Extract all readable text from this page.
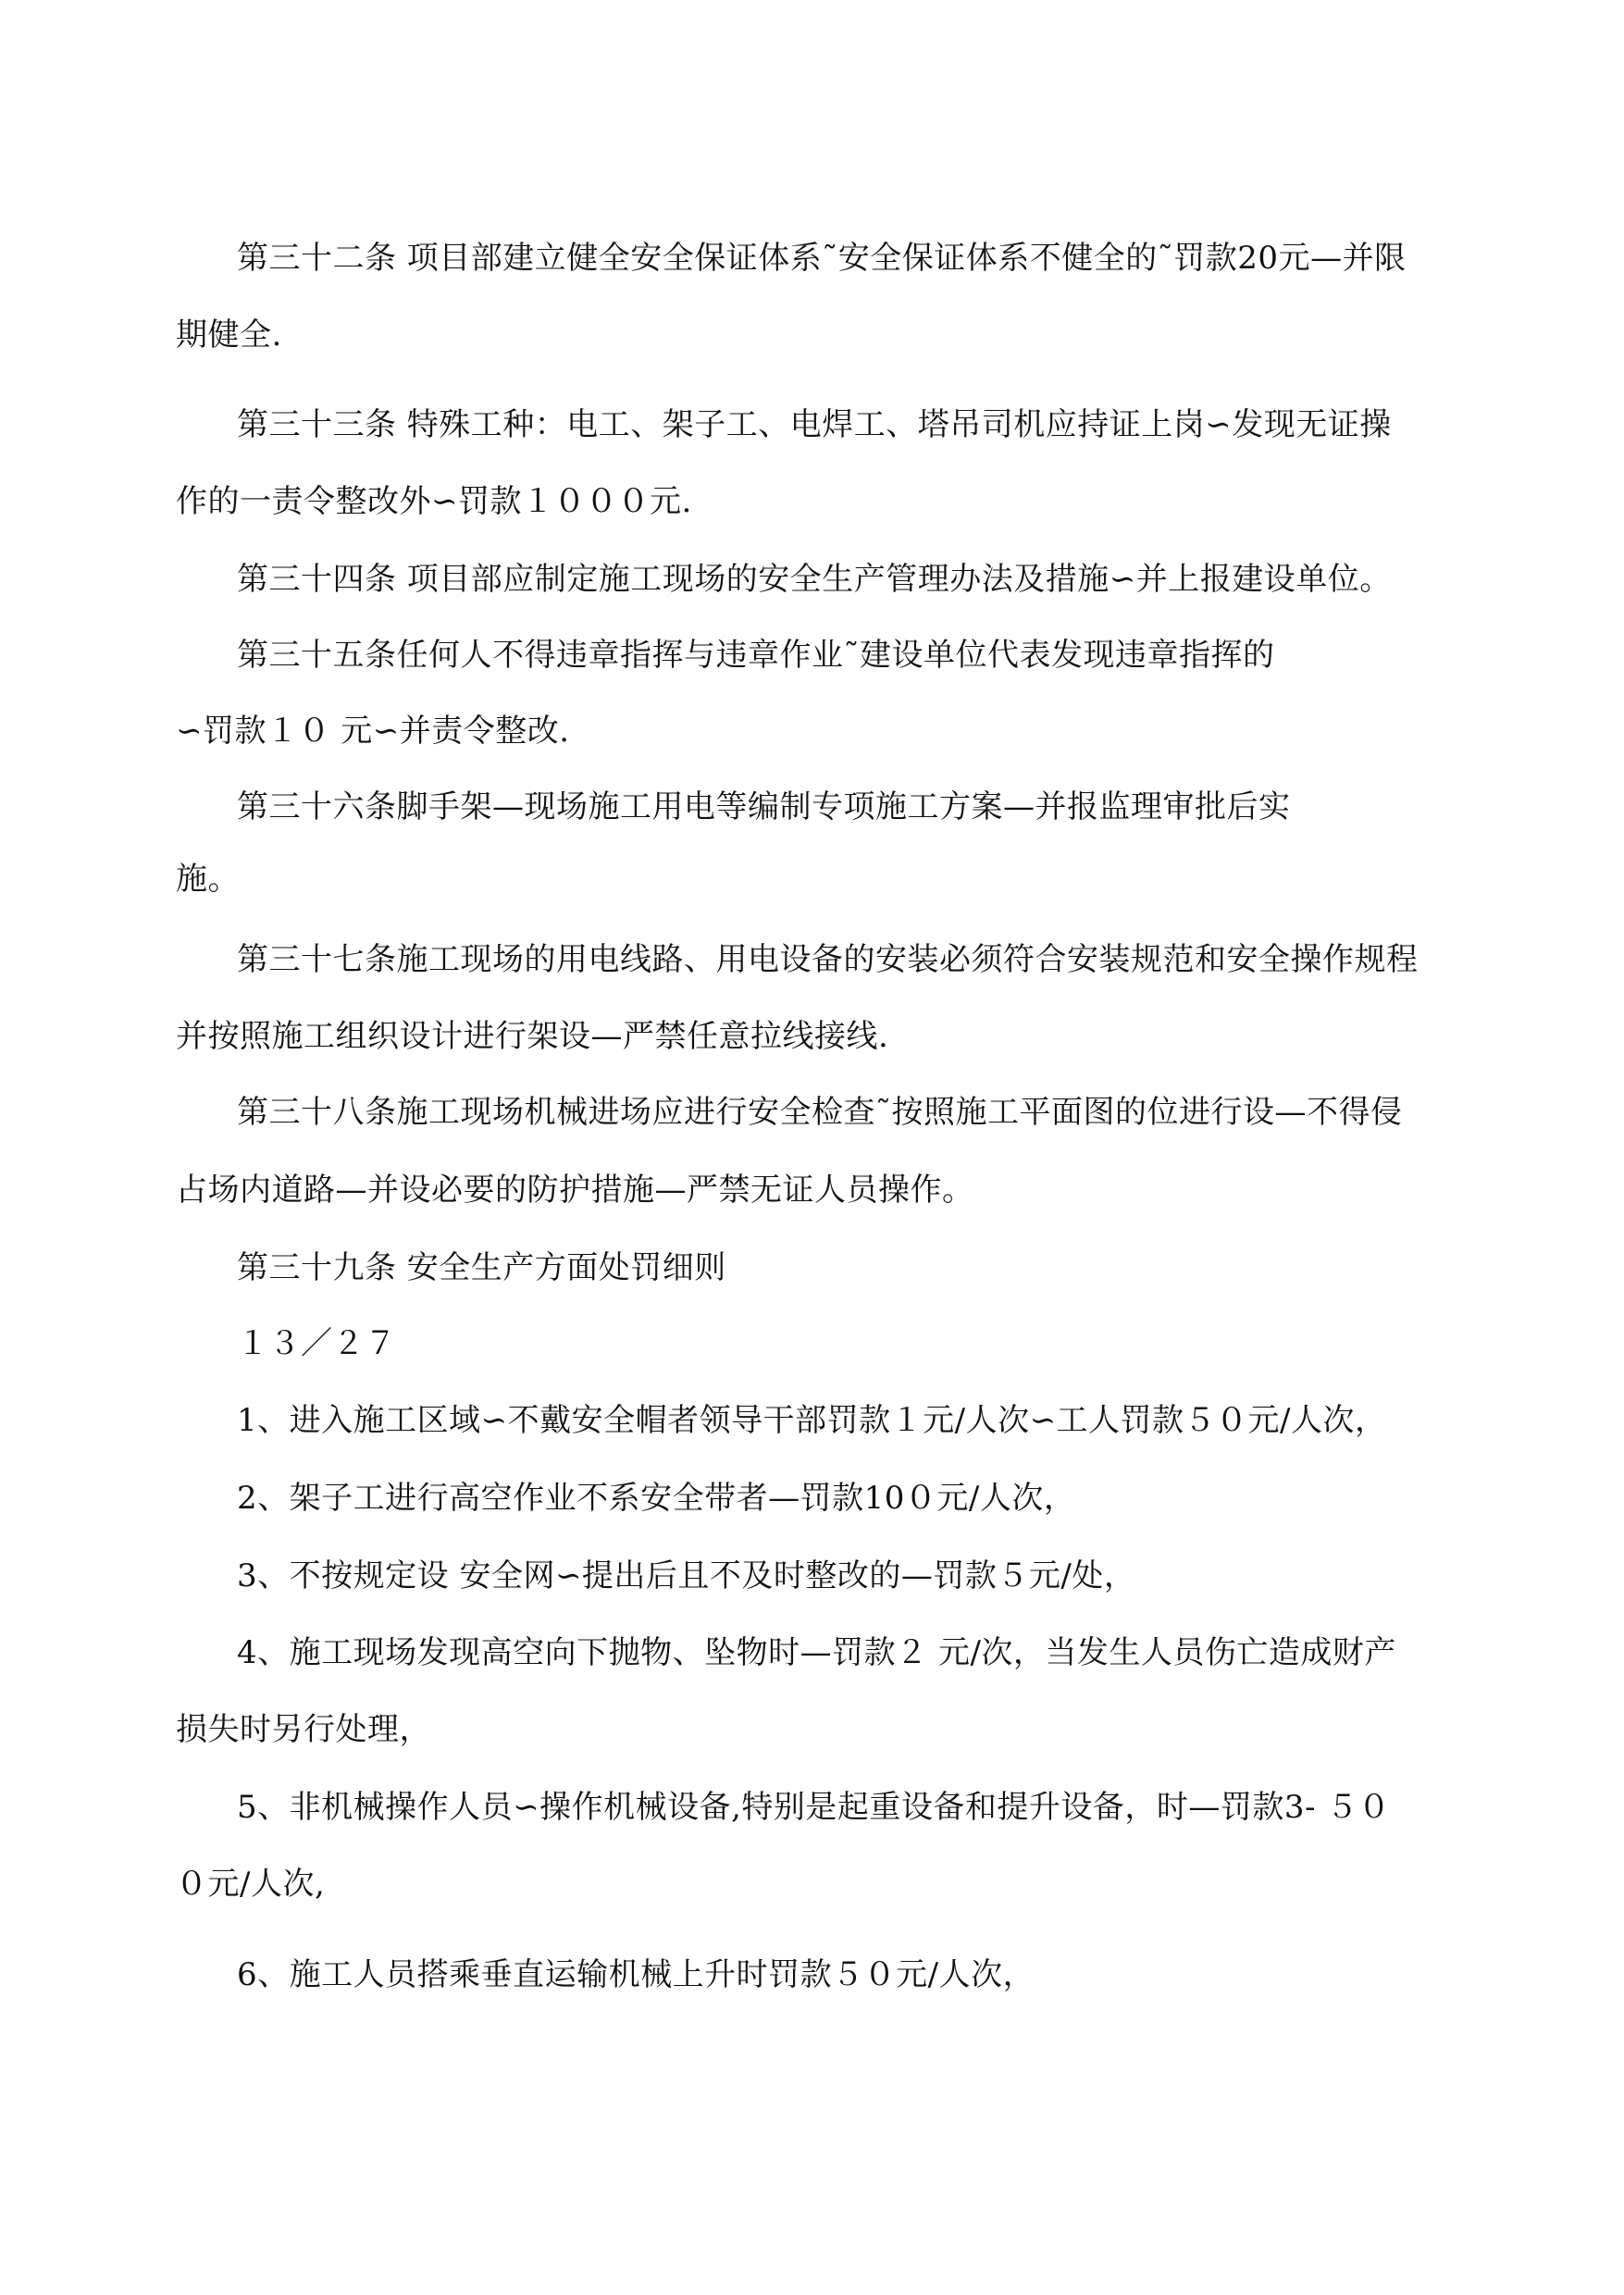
第三十二条 项目部建立健全安全保证体系˜安全保证体系不健全的˜罚款20元—并限
期健全.
第三十三条 特殊工种：电工、架子工、电焊工、塔吊司机应持证上岗∽发现无证操
作的一责令整改外∽罚款１０００元.
第三十四条 项目部应制定施工现场的安全生产管理办法及措施∽并上报建设单位。
第三十五条任何人不得违章指挥与违章作业˜建设单位代表发现违章指挥的
∽罚款１０ 元∽并责令整改.
第三十六条脚手架—现场施工用电等编制专项施工方案—并报监理审批后实
施。
第三十七条施工现场的用电线路、用电设备的安装必须符合安装规范和安全操作规程
并按照施工组织设计进行架设—严禁任意拉线接线.
第三十八条施工现场机械进场应进行安全检查˜按照施工平面图的位进行设—不得侵
占场内道路—并设必要的防护措施—严禁无证人员操作。
第三十九条 安全生产方面处罚细则
１３／２７
1、进入施工区域∽不戴安全帽者领导干部罚款１元/人次∽工人罚款５０元/人次，
2、架子工进行高空作业不系安全带者—罚款10０元/人次，
3、不按规定设 安全网∽提出后且不及时整改的—罚款５元/处，
4、施工现场发现高空向下抛物、坠物时—罚款２ 元/次，当发生人员伤亡造成财产
损失时另行处理，
5、非机械操作人员∽操作机械设备,特别是起重设备和提升设备，时—罚款3- ５０
０元/人次,
6、施工人员搭乘垂直运输机械上升时罚款５０元/人次，
